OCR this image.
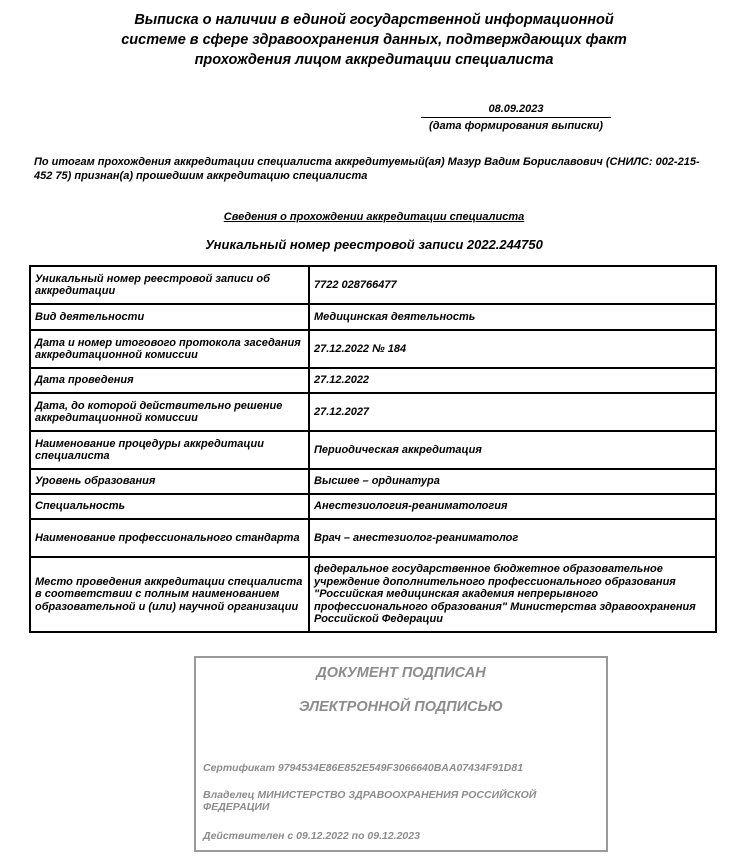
Выписка о наличии в единой государственной информационной
системе в сфере здравоохранения данных, подтверждающих факт
прохождения лицом аккредитации специалиста
08.09.2023
(дата формирования выписки)
По итогам прохождения аккредитации специалиста аккредитуемый(ая) Мазур Вадим Бориславович (СНИЛС: 002-215-452 75) признан(а) прошедшим аккредитацию специалиста
Сведения о прохождении аккредитации специалиста
Уникальный номер реестровой записи 2022.244750
Уникальный номер реестровой записи об аккредитации	7722 028766477
Вид деятельности	Медицинская деятельность
Дата и номер итогового протокола заседания аккредитационной комиссии	27.12.2022 № 184
Дата проведения	27.12.2022
Дата, до которой действительно решение аккредитационной комиссии	27.12.2027
Наименование процедуры аккредитации специалиста	Периодическая аккредитация
Уровень образования	Высшее – ординатура
Специальность	Анестезиология-реаниматология
Наименование профессионального стандарта	Врач – анестезиолог-реаниматолог
Место проведения аккредитации специалиста в соответствии с полным наименованием образовательной и (или) научной организации	федеральное государственное бюджетное образовательное учреждение дополнительного профессионального образования "Российская медицинская академия непрерывного профессионального образования" Министерства здравоохранения Российской Федерации
ДОКУМЕНТ ПОДПИСАН
ЭЛЕКТРОННОЙ ПОДПИСЬЮ
Сертификат 9794534E86E852E549F3066640BAA07434F91D81
Владелец МИНИСТЕРСТВО ЗДРАВООХРАНЕНИЯ РОССИЙСКОЙ ФЕДЕРАЦИИ
Действителен с 09.12.2022 по 09.12.2023
